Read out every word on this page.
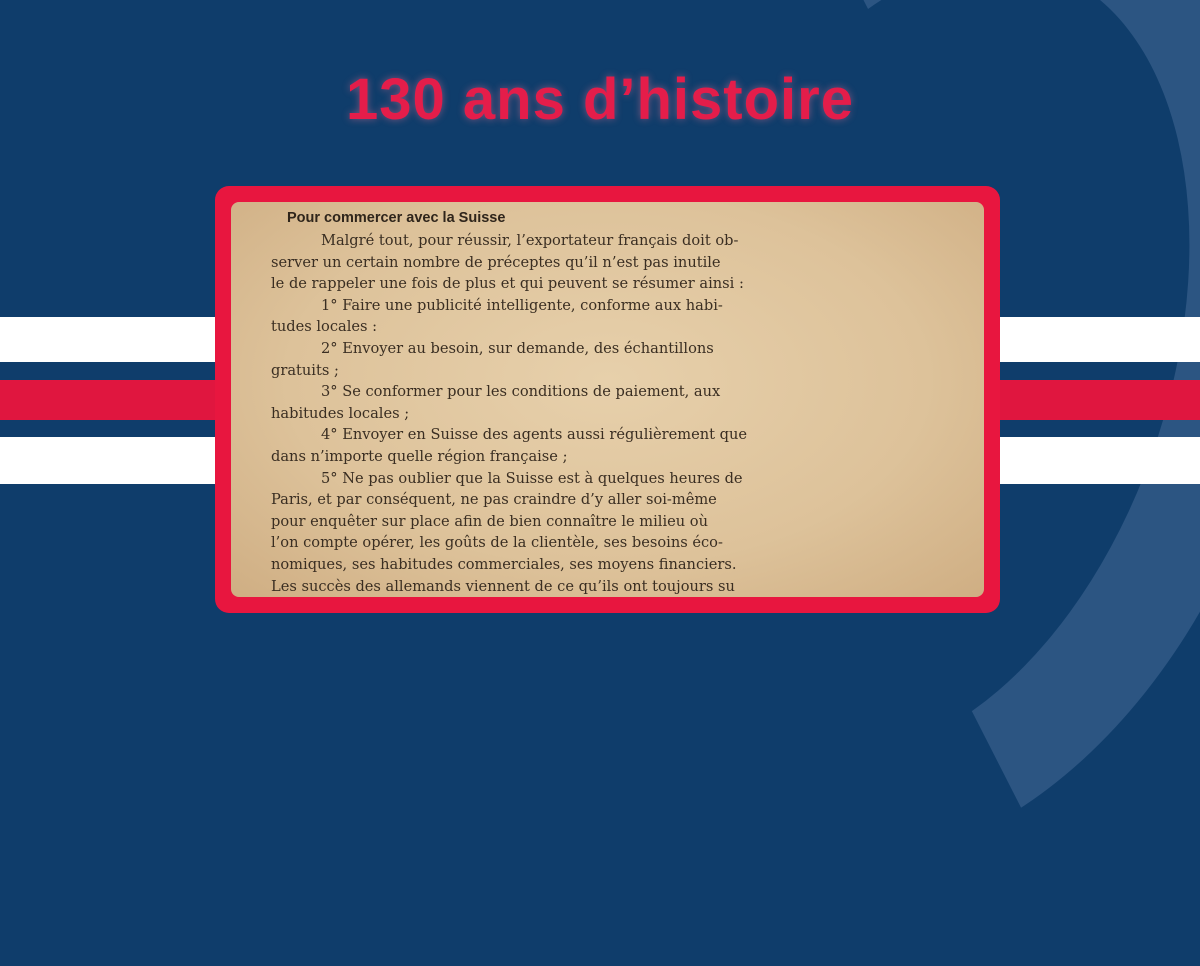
130 ans d’histoire
Pour commercer avec la Suisse
Malgré tout, pour réussir, l’exportateur français doit ob-
server un certain nombre de préceptes qu’il n’est pas inutile
le de rappeler une fois de plus et qui peuvent se résumer ainsi :
1° Faire une publicité intelligente, conforme aux habi-
tudes locales :
2° Envoyer au besoin, sur demande, des échantillons
gratuits ;
3° Se conformer pour les conditions de paiement, aux
habitudes locales ;
4° Envoyer en Suisse des agents aussi régulièrement que
dans n’importe quelle région française ;
5° Ne pas oublier que la Suisse est à quelques heures de
Paris, et par conséquent, ne pas craindre d’y aller soi-même
pour enquêter sur place afin de bien connaître le milieu où
l’on compte opérer, les goûts de la clientèle, ses besoins éco-
nomiques, ses habitudes commerciales, ses moyens financiers.
Les succès des allemands viennent de ce qu’ils ont toujours su
